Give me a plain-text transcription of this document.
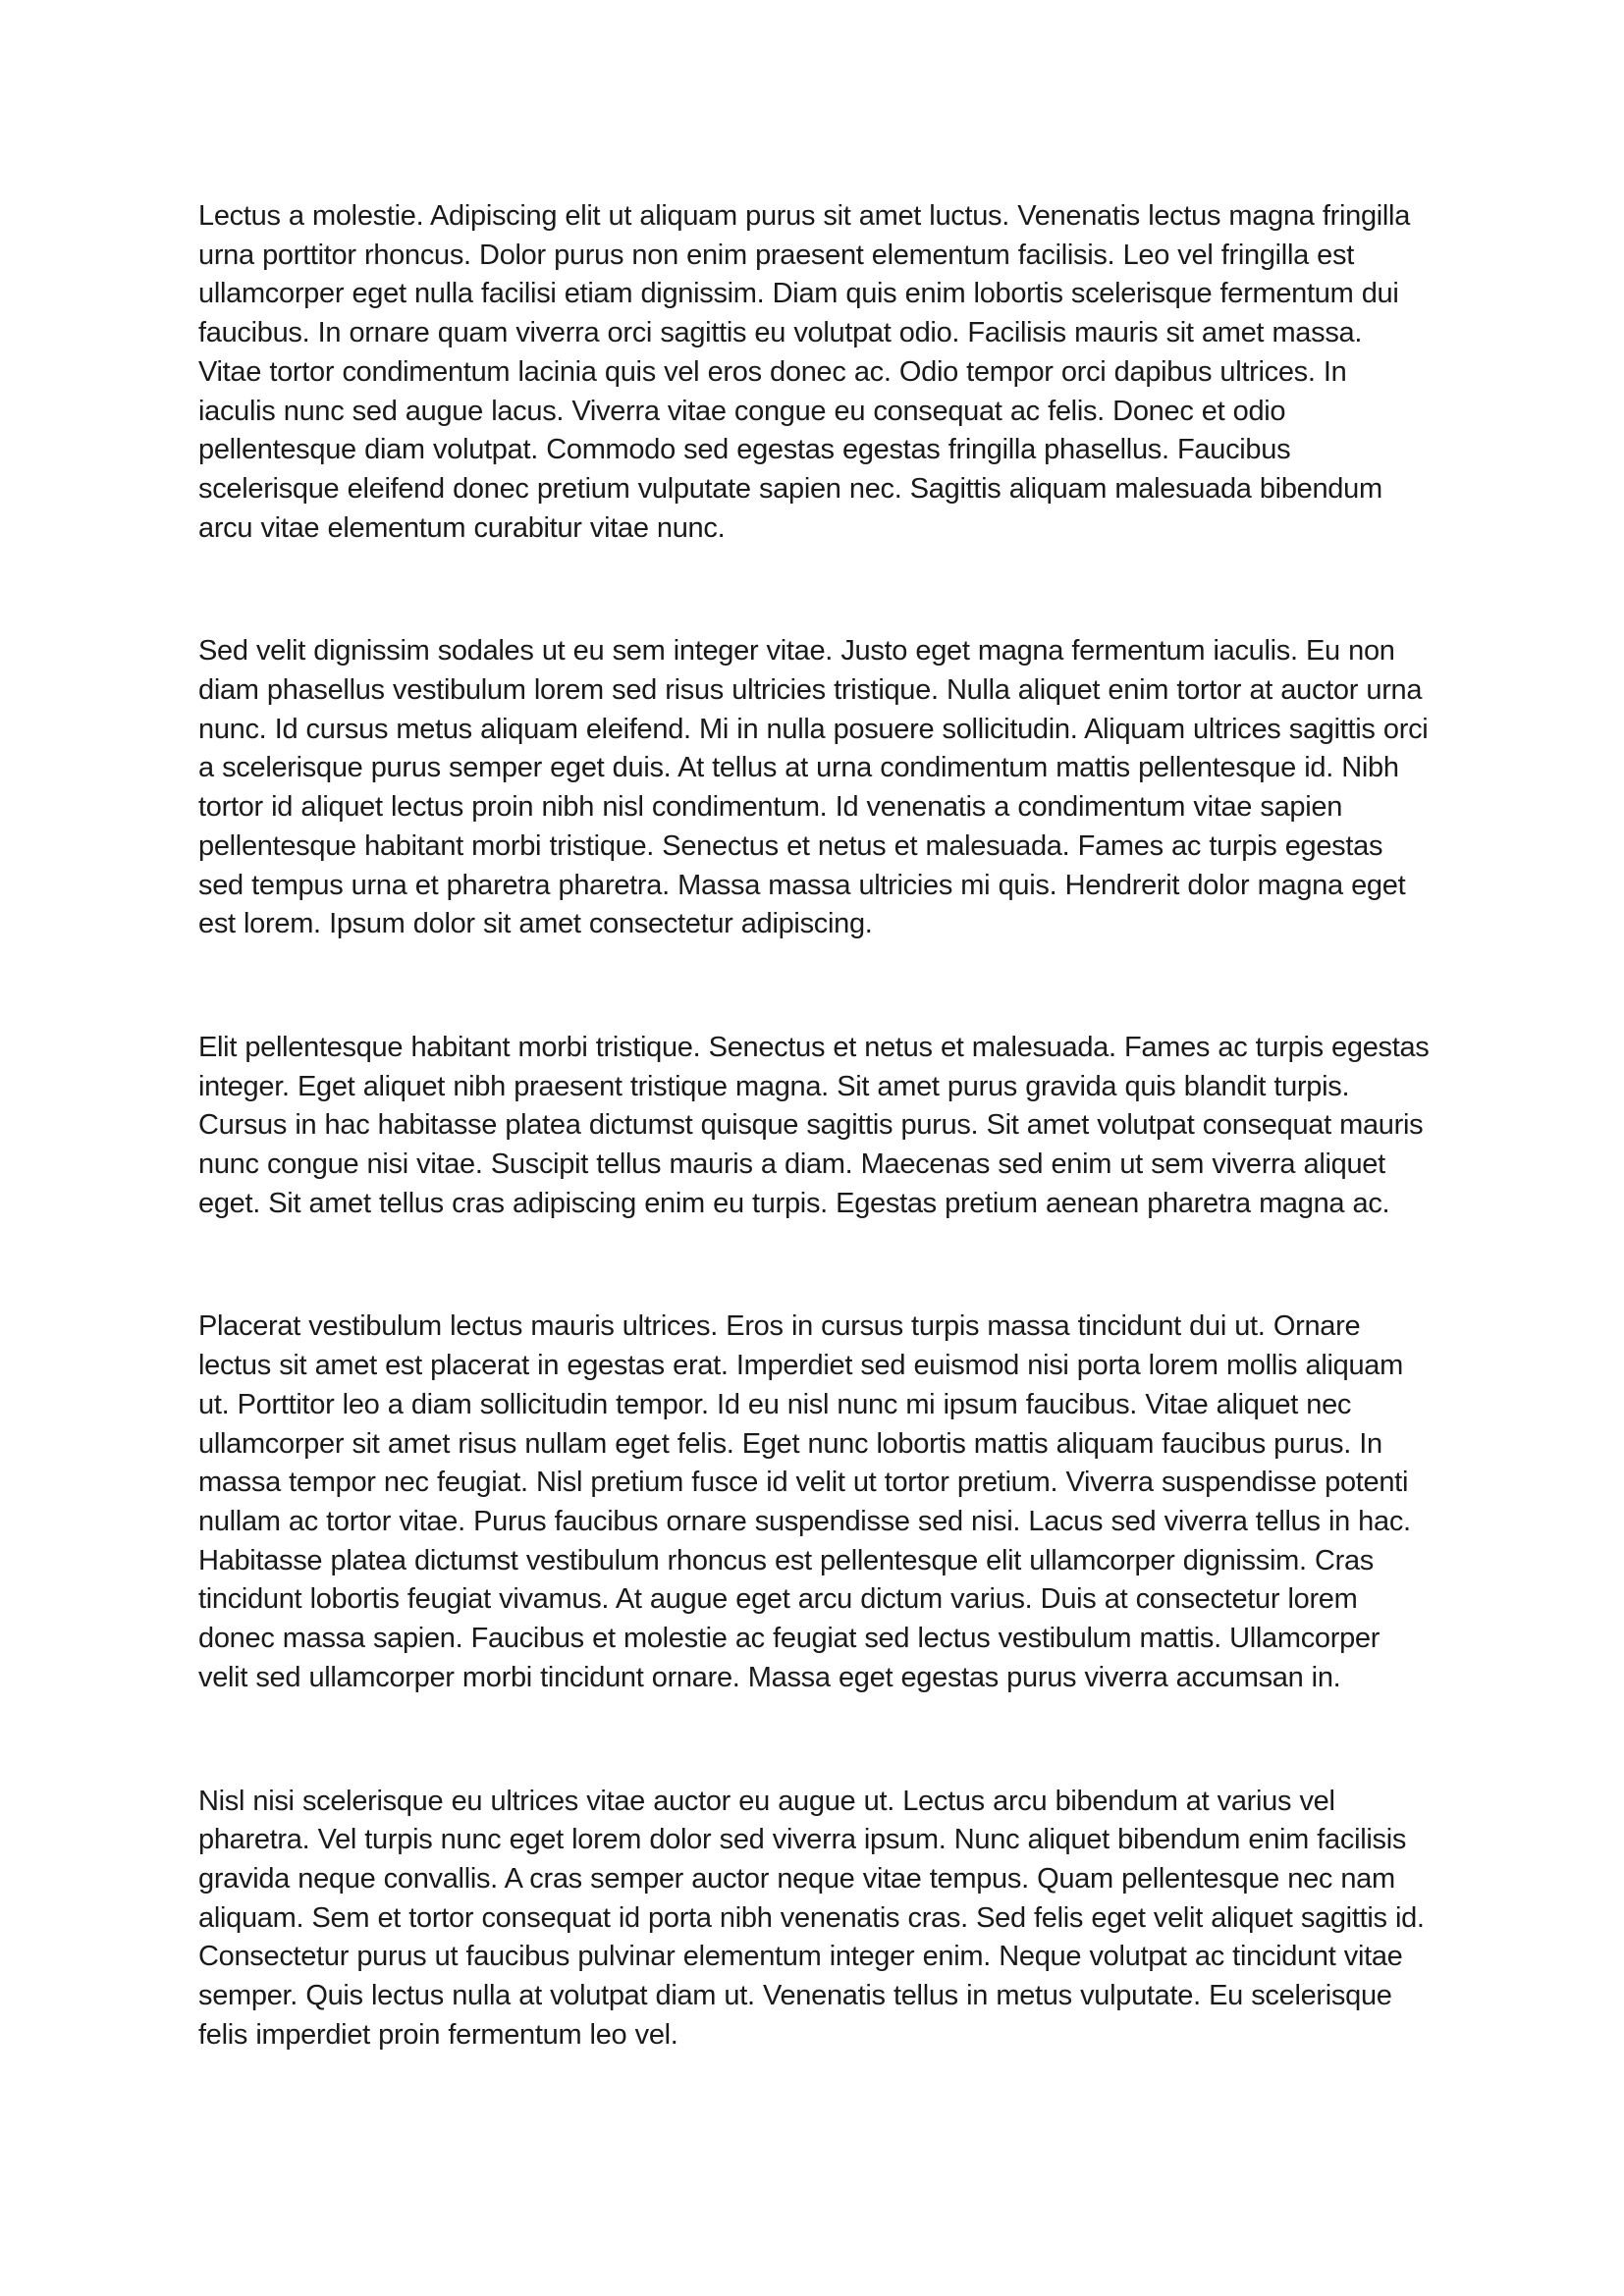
Lectus a molestie. Adipiscing elit ut aliquam purus sit amet luctus. Venenatis lectus magna fringilla urna porttitor rhoncus. Dolor purus non enim praesent elementum facilisis. Leo vel fringilla est ullamcorper eget nulla facilisi etiam dignissim. Diam quis enim lobortis scelerisque fermentum dui faucibus. In ornare quam viverra orci sagittis eu volutpat odio. Facilisis mauris sit amet massa. Vitae tortor condimentum lacinia quis vel eros donec ac. Odio tempor orci dapibus ultrices. In iaculis nunc sed augue lacus. Viverra vitae congue eu consequat ac felis. Donec et odio pellentesque diam volutpat. Commodo sed egestas egestas fringilla phasellus. Faucibus scelerisque eleifend donec pretium vulputate sapien nec. Sagittis aliquam malesuada bibendum arcu vitae elementum curabitur vitae nunc.

Sed velit dignissim sodales ut eu sem integer vitae. Justo eget magna fermentum iaculis. Eu non diam phasellus vestibulum lorem sed risus ultricies tristique. Nulla aliquet enim tortor at auctor urna nunc. Id cursus metus aliquam eleifend. Mi in nulla posuere sollicitudin. Aliquam ultrices sagittis orci a scelerisque purus semper eget duis. At tellus at urna condimentum mattis pellentesque id. Nibh tortor id aliquet lectus proin nibh nisl condimentum. Id venenatis a condimentum vitae sapien pellentesque habitant morbi tristique. Senectus et netus et malesuada. Fames ac turpis egestas sed tempus urna et pharetra pharetra. Massa massa ultricies mi quis. Hendrerit dolor magna eget est lorem. Ipsum dolor sit amet consectetur adipiscing.

Elit pellentesque habitant morbi tristique. Senectus et netus et malesuada. Fames ac turpis egestas integer. Eget aliquet nibh praesent tristique magna. Sit amet purus gravida quis blandit turpis. Cursus in hac habitasse platea dictumst quisque sagittis purus. Sit amet volutpat consequat mauris nunc congue nisi vitae. Suscipit tellus mauris a diam. Maecenas sed enim ut sem viverra aliquet eget. Sit amet tellus cras adipiscing enim eu turpis. Egestas pretium aenean pharetra magna ac.

Placerat vestibulum lectus mauris ultrices. Eros in cursus turpis massa tincidunt dui ut. Ornare lectus sit amet est placerat in egestas erat. Imperdiet sed euismod nisi porta lorem mollis aliquam ut. Porttitor leo a diam sollicitudin tempor. Id eu nisl nunc mi ipsum faucibus. Vitae aliquet nec ullamcorper sit amet risus nullam eget felis. Eget nunc lobortis mattis aliquam faucibus purus. In massa tempor nec feugiat. Nisl pretium fusce id velit ut tortor pretium. Viverra suspendisse potenti nullam ac tortor vitae. Purus faucibus ornare suspendisse sed nisi. Lacus sed viverra tellus in hac. Habitasse platea dictumst vestibulum rhoncus est pellentesque elit ullamcorper dignissim. Cras tincidunt lobortis feugiat vivamus. At augue eget arcu dictum varius. Duis at consectetur lorem donec massa sapien. Faucibus et molestie ac feugiat sed lectus vestibulum mattis. Ullamcorper velit sed ullamcorper morbi tincidunt ornare. Massa eget egestas purus viverra accumsan in.

Nisl nisi scelerisque eu ultrices vitae auctor eu augue ut. Lectus arcu bibendum at varius vel pharetra. Vel turpis nunc eget lorem dolor sed viverra ipsum. Nunc aliquet bibendum enim facilisis gravida neque convallis. A cras semper auctor neque vitae tempus. Quam pellentesque nec nam aliquam. Sem et tortor consequat id porta nibh venenatis cras. Sed felis eget velit aliquet sagittis id. Consectetur purus ut faucibus pulvinar elementum integer enim. Neque volutpat ac tincidunt vitae semper. Quis lectus nulla at volutpat diam ut. Venenatis tellus in metus vulputate. Eu scelerisque felis imperdiet proin fermentum leo vel.
